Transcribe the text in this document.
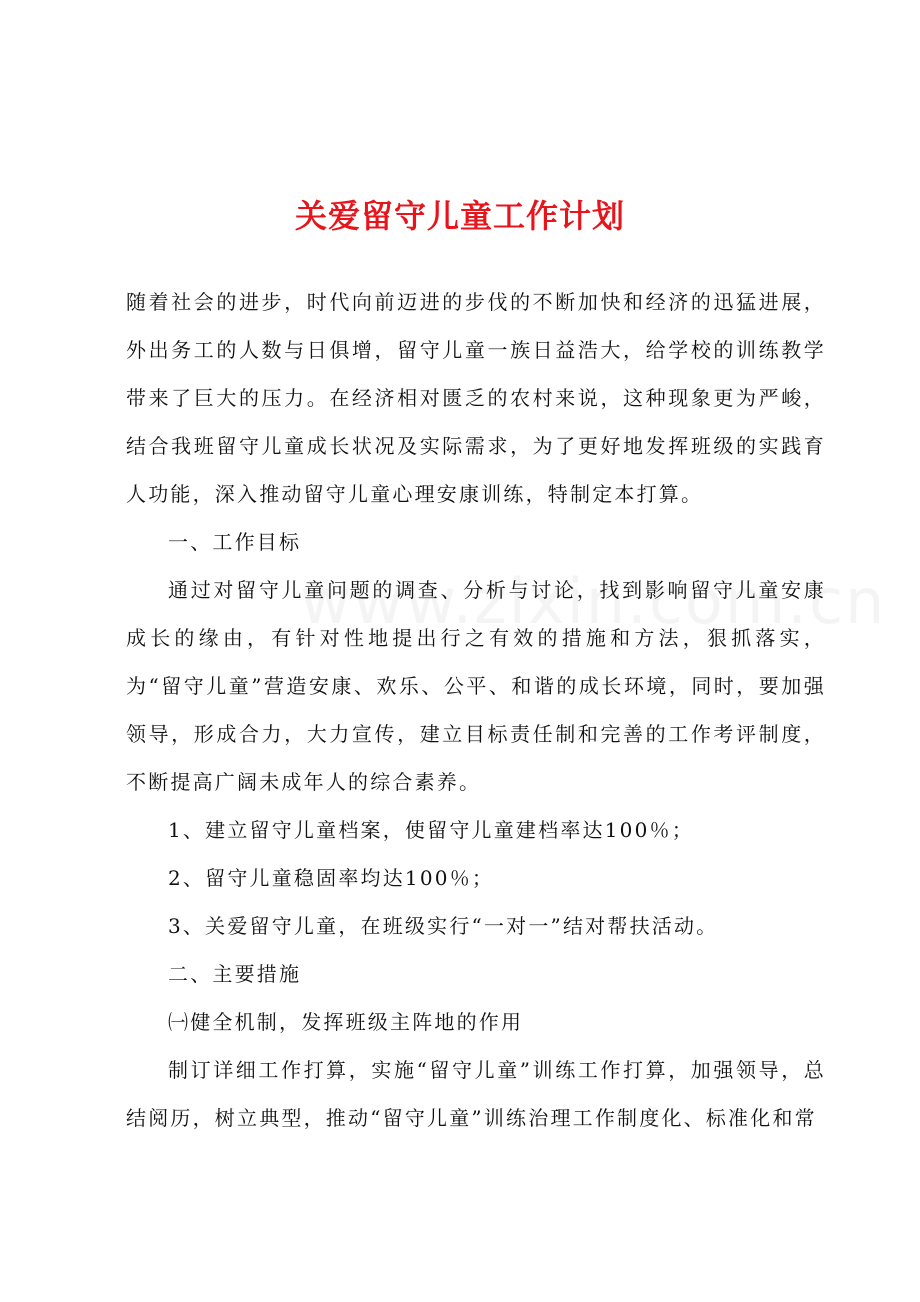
关爱留守儿童工作计划

随着社会的进步，时代向前迈进的步伐的不断加快和经济的迅猛进展，外出务工的人数与日俱增，留守儿童一族日益浩大，给学校的训练教学带来了巨大的压力。在经济相对匮乏的农村来说，这种现象更为严峻，结合我班留守儿童成长状况及实际需求，为了更好地发挥班级的实践育人功能，深入推动留守儿童心理安康训练，特制定本打算。

一、工作目标

通过对留守儿童问题的调查、分析与讨论，找到影响留守儿童安康成长的缘由，有针对性地提出行之有效的措施和方法，狠抓落实，为“留守儿童”营造安康、欢乐、公平、和谐的成长环境，同时，要加强领导，形成合力，大力宣传，建立目标责任制和完善的工作考评制度，不断提高广阔未成年人的综合素养。

1、建立留守儿童档案，使留守儿童建档率达100％；

2、留守儿童稳固率均达100％；

3、关爱留守儿童，在班级实行“一对一”结对帮扶活动。

二、主要措施

㈠健全机制，发挥班级主阵地的作用

制订详细工作打算，实施“留守儿童”训练工作打算，加强领导，总结阅历，树立典型，推动“留守儿童”训练治理工作制度化、标准化和常
